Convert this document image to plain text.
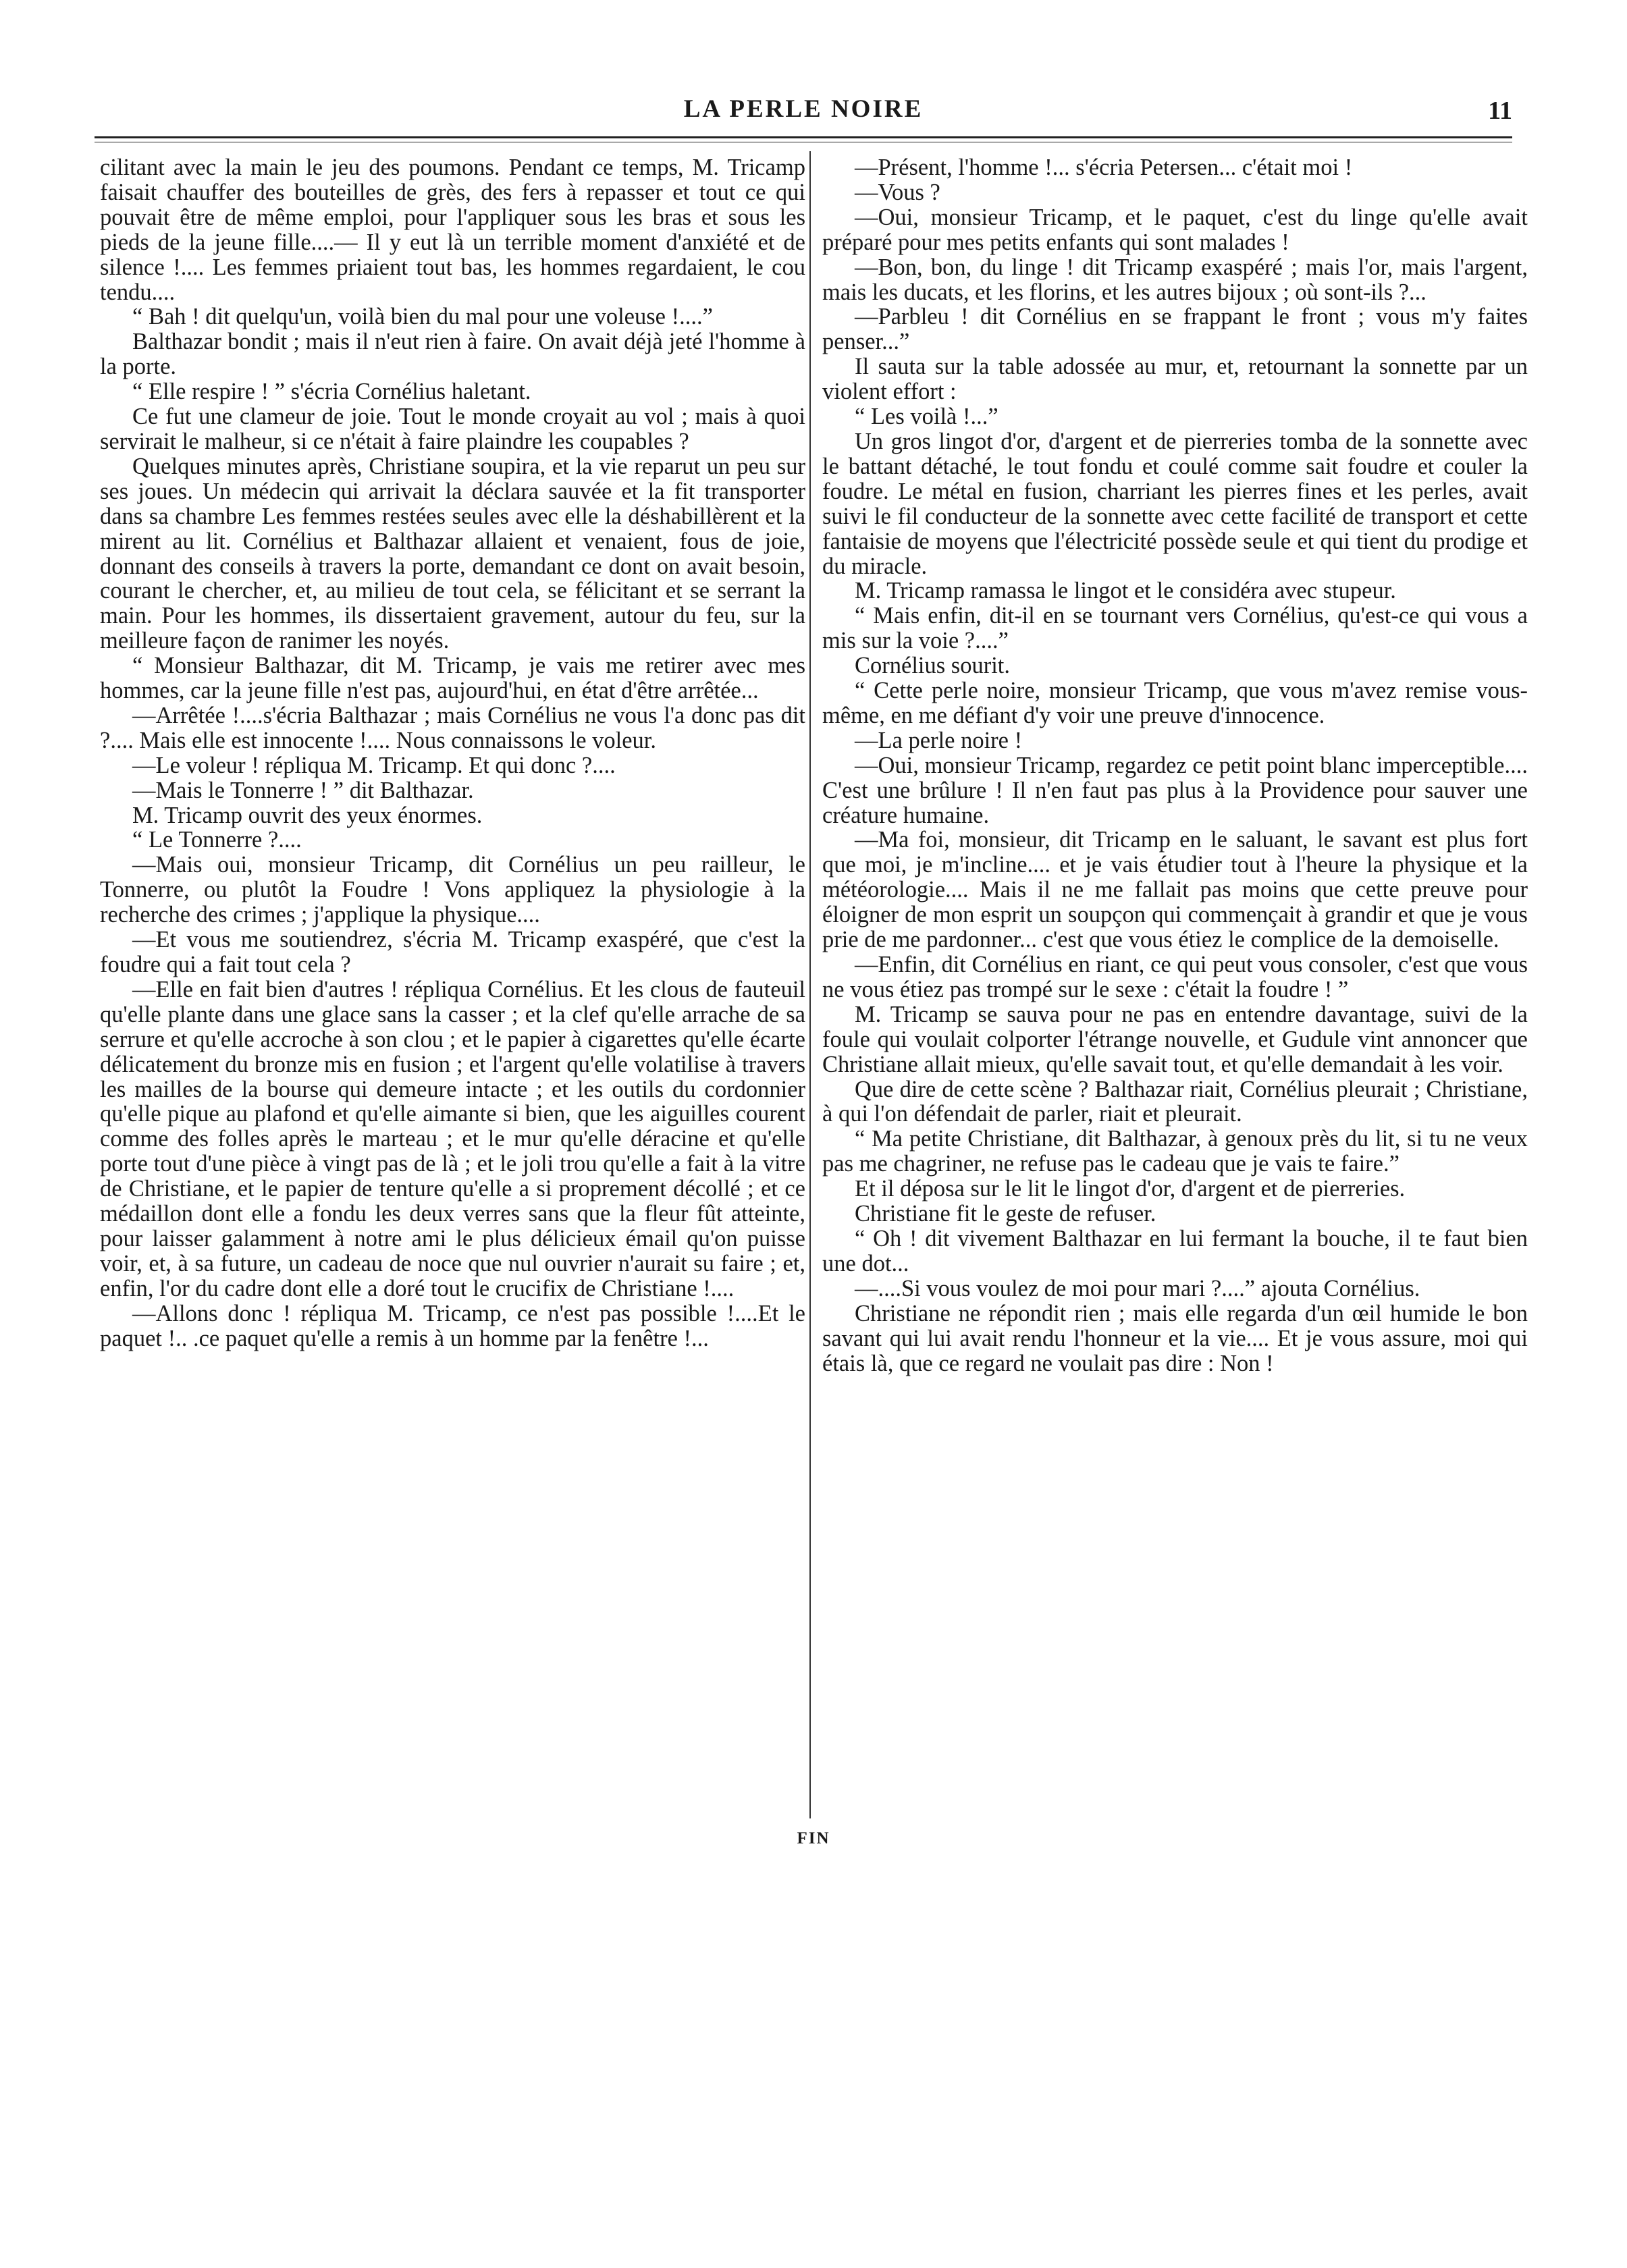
LA PERLE NOIRE	11

cilitant avec la main le jeu des poumons. Pendant ce temps, M. Tricamp faisait chauffer des bouteilles de grès, des fers à repasser et tout ce qui pouvait être de même emploi, pour l'appliquer sous les bras et sous les pieds de la jeune fille....— Il y eut là un terrible moment d'anxiété et de silence !.... Les femmes priaient tout bas, les hommes regardaient, le cou tendu....

“ Bah ! dit quelqu'un, voilà bien du mal pour une voleuse !....”

Balthazar bondit ; mais il n'eut rien à faire. On avait déjà jeté l'homme à la porte.

“ Elle respire ! ” s'écria Cornélius haletant.

Ce fut une clameur de joie. Tout le monde croyait au vol ; mais à quoi servirait le malheur, si ce n'était à faire plaindre les coupables ?

Quelques minutes après, Christiane soupira, et la vie reparut un peu sur ses joues. Un médecin qui arrivait la déclara sauvée et la fit transporter dans sa chambre Les femmes restées seules avec elle la déshabillèrent et la mirent au lit. Cornélius et Balthazar allaient et venaient, fous de joie, donnant des conseils à travers la porte, demandant ce dont on avait besoin, courant le chercher, et, au milieu de tout cela, se félicitant et se serrant la main. Pour les hommes, ils dissertaient gravement, autour du feu, sur la meilleure façon de ranimer les noyés.

“ Monsieur Balthazar, dit M. Tricamp, je vais me retirer avec mes hommes, car la jeune fille n'est pas, aujourd'hui, en état d'être arrêtée...

—Arrêtée !....s'écria Balthazar ; mais Cornélius ne vous l'a donc pas dit ?.... Mais elle est innocente !.... Nous connaissons le voleur.

—Le voleur ! répliqua M. Tricamp. Et qui donc ?....

—Mais le Tonnerre ! ” dit Balthazar.

M. Tricamp ouvrit des yeux énormes.

“ Le Tonnerre ?....

—Mais oui, monsieur Tricamp, dit Cornélius un peu railleur, le Tonnerre, ou plutôt la Foudre ! Vons appliquez la physiologie à la recherche des crimes ; j'applique la physique....

—Et vous me soutiendrez, s'écria M. Tricamp exaspéré, que c'est la foudre qui a fait tout cela ?

—Elle en fait bien d'autres ! répliqua Cornélius. Et les clous de fauteuil qu'elle plante dans une glace sans la casser ; et la clef qu'elle arrache de sa serrure et qu'elle accroche à son clou ; et le papier à cigarettes qu'elle écarte délicatement du bronze mis en fusion ; et l'argent qu'elle volatilise à travers les mailles de la bourse qui demeure intacte ; et les outils du cordonnier qu'elle pique au plafond et qu'elle aimante si bien, que les aiguilles courent comme des folles après le marteau ; et le mur qu'elle déracine et qu'elle porte tout d'une pièce à vingt pas de là ; et le joli trou qu'elle a fait à la vitre de Christiane, et le papier de tenture qu'elle a si proprement décollé ; et ce médaillon dont elle a fondu les deux verres sans que la fleur fût atteinte, pour laisser galamment à notre ami le plus délicieux émail qu'on puisse voir, et, à sa future, un cadeau de noce que nul ouvrier n'aurait su faire ; et, enfin, l'or du cadre dont elle a doré tout le crucifix de Christiane !....

—Allons donc ! répliqua M. Tricamp, ce n'est pas possible !....Et le paquet !.. .ce paquet qu'elle a remis à un homme par la fenêtre !...

—Présent, l'homme !... s'écria Petersen... c'était moi !

—Vous ?

—Oui, monsieur Tricamp, et le paquet, c'est du linge qu'elle avait préparé pour mes petits enfants qui sont malades !

—Bon, bon, du linge ! dit Tricamp exaspéré ; mais l'or, mais l'argent, mais les ducats, et les florins, et les autres bijoux ; où sont-ils ?...

—Parbleu ! dit Cornélius en se frappant le front ; vous m'y faites penser...”

Il sauta sur la table adossée au mur, et, retournant la sonnette par un violent effort :

“ Les voilà !...”

Un gros lingot d'or, d'argent et de pierreries tomba de la sonnette avec le battant détaché, le tout fondu et coulé comme sait foudre et couler la foudre. Le métal en fusion, charriant les pierres fines et les perles, avait suivi le fil conducteur de la sonnette avec cette facilité de transport et cette fantaisie de moyens que l'électricité possède seule et qui tient du prodige et du miracle.

M. Tricamp ramassa le lingot et le considéra avec stupeur.

“ Mais enfin, dit-il en se tournant vers Cornélius, qu'est-ce qui vous a mis sur la voie ?....”

Cornélius sourit.

“ Cette perle noire, monsieur Tricamp, que vous m'avez remise vous-même, en me défiant d'y voir une preuve d'innocence.

—La perle noire !

—Oui, monsieur Tricamp, regardez ce petit point blanc imperceptible.... C'est une brûlure ! Il n'en faut pas plus à la Providence pour sauver une créature humaine.

—Ma foi, monsieur, dit Tricamp en le saluant, le savant est plus fort que moi, je m'incline.... et je vais étudier tout à l'heure la physique et la météorologie.... Mais il ne me fallait pas moins que cette preuve pour éloigner de mon esprit un soupçon qui commençait à grandir et que je vous prie de me pardonner... c'est que vous étiez le complice de la demoiselle.

—Enfin, dit Cornélius en riant, ce qui peut vous consoler, c'est que vous ne vous étiez pas trompé sur le sexe : c'était la foudre ! ”

M. Tricamp se sauva pour ne pas en entendre davantage, suivi de la foule qui voulait colporter l'étrange nouvelle, et Gudule vint annoncer que Christiane allait mieux, qu'elle savait tout, et qu'elle demandait à les voir.

Que dire de cette scène ? Balthazar riait, Cornélius pleurait ; Christiane, à qui l'on défendait de parler, riait et pleurait.

“ Ma petite Christiane, dit Balthazar, à genoux près du lit, si tu ne veux pas me chagriner, ne refuse pas le cadeau que je vais te faire.”

Et il déposa sur le lit le lingot d'or, d'argent et de pierreries.

Christiane fit le geste de refuser.

“ Oh ! dit vivement Balthazar en lui fermant la bouche, il te faut bien une dot...

—....Si vous voulez de moi pour mari ?....” ajouta Cornélius.

Christiane ne répondit rien ; mais elle regarda d'un œil humide le bon savant qui lui avait rendu l'honneur et la vie.... Et je vous assure, moi qui étais là, que ce regard ne voulait pas dire : Non !

FIN
